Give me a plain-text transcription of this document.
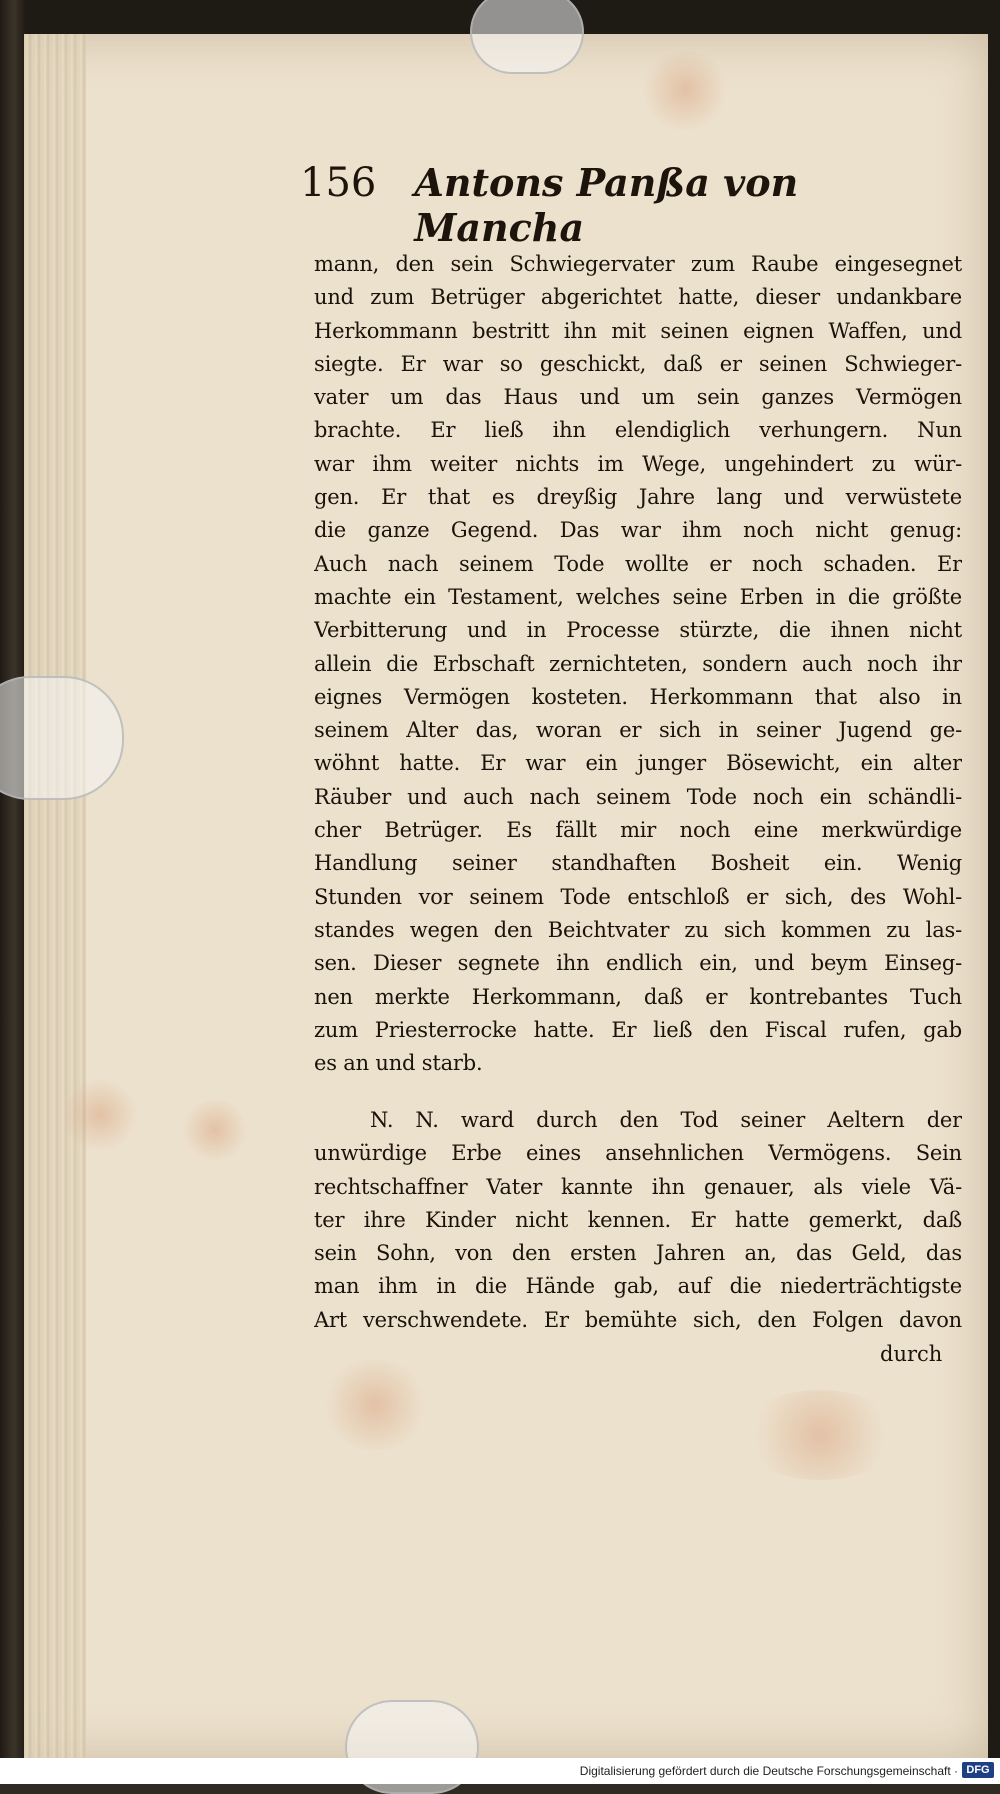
156 Antons Panßa von Mancha
mann, den sein Schwiegervater zum Raube eingesegnet
und zum Betrüger abgerichtet hatte, dieser undankbare
Herkommann bestritt ihn mit seinen eignen Waffen, und
siegte. Er war so geschickt, daß er seinen Schwieger-
vater um das Haus und um sein ganzes Vermögen
brachte. Er ließ ihn elendiglich verhungern. Nun
war ihm weiter nichts im Wege, ungehindert zu wür-
gen. Er that es dreyßig Jahre lang und verwüstete
die ganze Gegend. Das war ihm noch nicht genug:
Auch nach seinem Tode wollte er noch schaden. Er
machte ein Testament, welches seine Erben in die größte
Verbitterung und in Processe stürzte, die ihnen nicht
allein die Erbschaft zernichteten, sondern auch noch ihr
eignes Vermögen kosteten. Herkommann that also in
seinem Alter das, woran er sich in seiner Jugend ge-
wöhnt hatte. Er war ein junger Bösewicht, ein alter
Räuber und auch nach seinem Tode noch ein schändli-
cher Betrüger. Es fällt mir noch eine merkwürdige
Handlung seiner standhaften Bosheit ein. Wenig
Stunden vor seinem Tode entschloß er sich, des Wohl-
standes wegen den Beichtvater zu sich kommen zu las-
sen. Dieser segnete ihn endlich ein, und beym Einseg-
nen merkte Herkommann, daß er kontrebantes Tuch
zum Priesterrocke hatte. Er ließ den Fiscal rufen, gab
es an und starb.
N. N. ward durch den Tod seiner Aeltern der
unwürdige Erbe eines ansehnlichen Vermögens. Sein
rechtschaffner Vater kannte ihn genauer, als viele Vä-
ter ihre Kinder nicht kennen. Er hatte gemerkt, daß
sein Sohn, von den ersten Jahren an, das Geld, das
man ihm in die Hände gab, auf die niederträchtigste
Art verschwendete. Er bemühte sich, den Folgen davon
durch
Digitalisierung gefördert durch die Deutsche Forschungsgemeinschaft · DFG
